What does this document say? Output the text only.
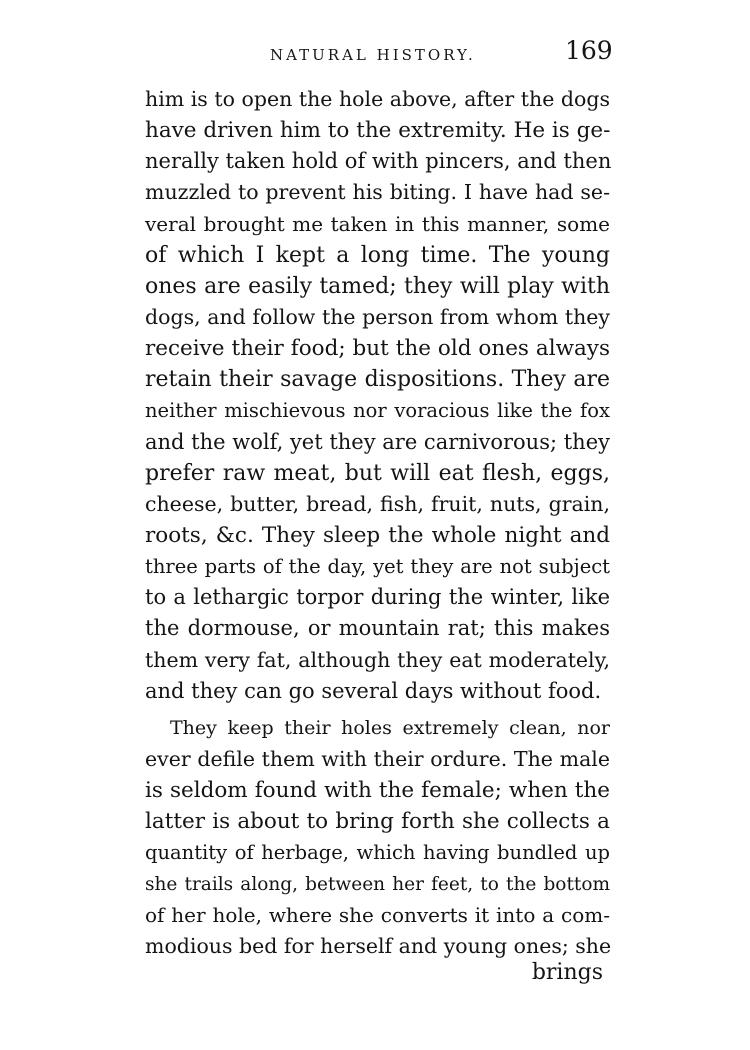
NATURAL HISTORY.	169
him is to open the hole above, after the dogs
have driven him to the extremity. He is ge-
nerally taken hold of with pincers, and then
muzzled to prevent his biting. I have had se-
veral brought me taken in this manner, some
of which I kept a long time. The young
ones are easily tamed; they will play with
dogs, and follow the person from whom they
receive their food; but the old ones always
retain their savage dispositions. They are
neither mischievous nor voracious like the fox
and the wolf, yet they are carnivorous; they
prefer raw meat, but will eat flesh, eggs,
cheese, butter, bread, fish, fruit, nuts, grain,
roots, &c. They sleep the whole night and
three parts of the day, yet they are not subject
to a lethargic torpor during the winter, like
the dormouse, or mountain rat; this makes
them very fat, although they eat moderately,
and they can go several days without food.
They keep their holes extremely clean, nor
ever defile them with their ordure. The male
is seldom found with the female; when the
latter is about to bring forth she collects a
quantity of herbage, which having bundled up
she trails along, between her feet, to the bottom
of her hole, where she converts it into a com-
modious bed for herself and young ones; she
brings
